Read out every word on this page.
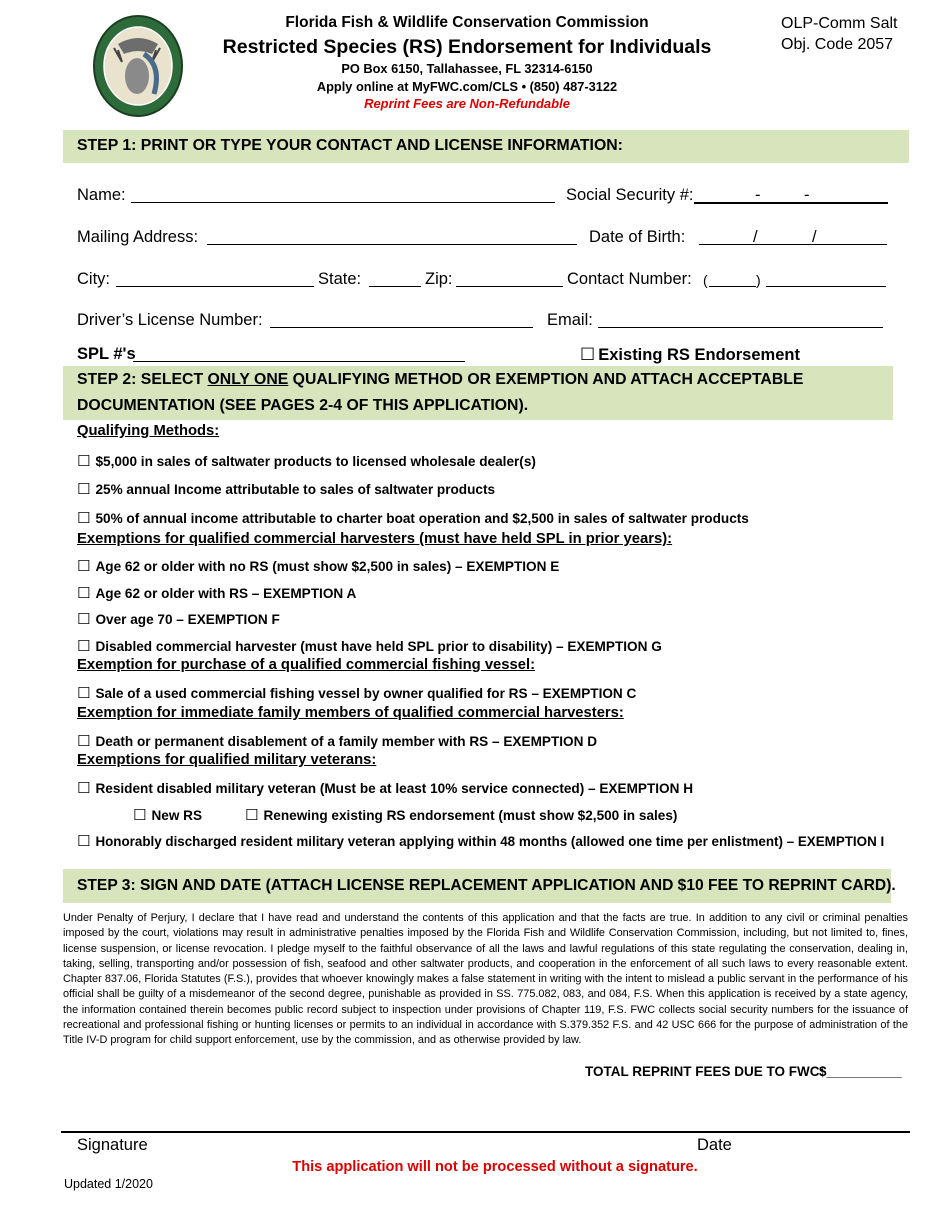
Florida Fish & Wildlife Conservation Commission
Restricted Species (RS) Endorsement for Individuals
PO Box 6150, Tallahassee, FL 32314-6150
Apply online at MyFWC.com/CLS • (850) 487-3122
Reprint Fees are Non-Refundable
OLP-Comm Salt
Obj. Code 2057
STEP 1: PRINT OR TYPE YOUR CONTACT AND LICENSE INFORMATION:
Name:	Social Security #:	-	-
Mailing Address:	Date of Birth:	/	/
City:	State:	Zip:	Contact Number: (	)
Driver’s License Number:	Email:
SPL #'s	☐ Existing RS Endorsement
STEP 2: SELECT ONLY ONE QUALIFYING METHOD OR EXEMPTION AND ATTACH ACCEPTABLE
DOCUMENTATION (SEE PAGES 2-4 OF THIS APPLICATION).
Qualifying Methods:
☐ $5,000 in sales of saltwater products to licensed wholesale dealer(s)
☐ 25% annual Income attributable to sales of saltwater products
☐ 50% of annual income attributable to charter boat operation and $2,500 in sales of saltwater products
Exemptions for qualified commercial harvesters (must have held SPL in prior years):
☐ Age 62 or older with no RS (must show $2,500 in sales) – EXEMPTION E
☐ Age 62 or older with RS – EXEMPTION A
☐ Over age 70 – EXEMPTION F
☐ Disabled commercial harvester (must have held SPL prior to disability) – EXEMPTION G
Exemption for purchase of a qualified commercial fishing vessel:
☐ Sale of a used commercial fishing vessel by owner qualified for RS – EXEMPTION C
Exemption for immediate family members of qualified commercial harvesters:
☐ Death or permanent disablement of a family member with RS – EXEMPTION D
Exemptions for qualified military veterans:
☐ Resident disabled military veteran (Must be at least 10% service connected) – EXEMPTION H
☐ New RS	☐ Renewing existing RS endorsement (must show $2,500 in sales)
☐ Honorably discharged resident military veteran applying within 48 months (allowed one time per enlistment) – EXEMPTION I
STEP 3: SIGN AND DATE (ATTACH LICENSE REPLACEMENT APPLICATION AND $10 FEE TO REPRINT CARD).
Under Penalty of Perjury, I declare that I have read and understand the contents of this application and that the facts are true. In addition to any civil or criminal penalties imposed by the court, violations may result in administrative penalties imposed by the Florida Fish and Wildlife Conservation Commission, including, but not limited to, fines, license suspension, or license revocation. I pledge myself to the faithful observance of all the laws and lawful regulations of this state regulating the conservation, dealing in, taking, selling, transporting and/or possession of fish, seafood and other saltwater products, and cooperation in the enforcement of all such laws to every reasonable extent. Chapter 837.06, Florida Statutes (F.S.), provides that whoever knowingly makes a false statement in writing with the intent to mislead a public servant in the performance of his official shall be guilty of a misdemeanor of the second degree, punishable as provided in SS. 775.082, 083, and 084, F.S. When this application is received by a state agency, the information contained therein becomes public record subject to inspection under provisions of Chapter 119, F.S. FWC collects social security numbers for the issuance of recreational and professional fishing or hunting licenses or permits to an individual in accordance with S.379.352 F.S. and 42 USC 666 for the purpose of administration of the Title IV-D program for child support enforcement, use by the commission, and as otherwise provided by law.
TOTAL REPRINT FEES DUE TO FWC:
$__________
Signature	Date
This application will not be processed without a signature.
Updated 1/2020
